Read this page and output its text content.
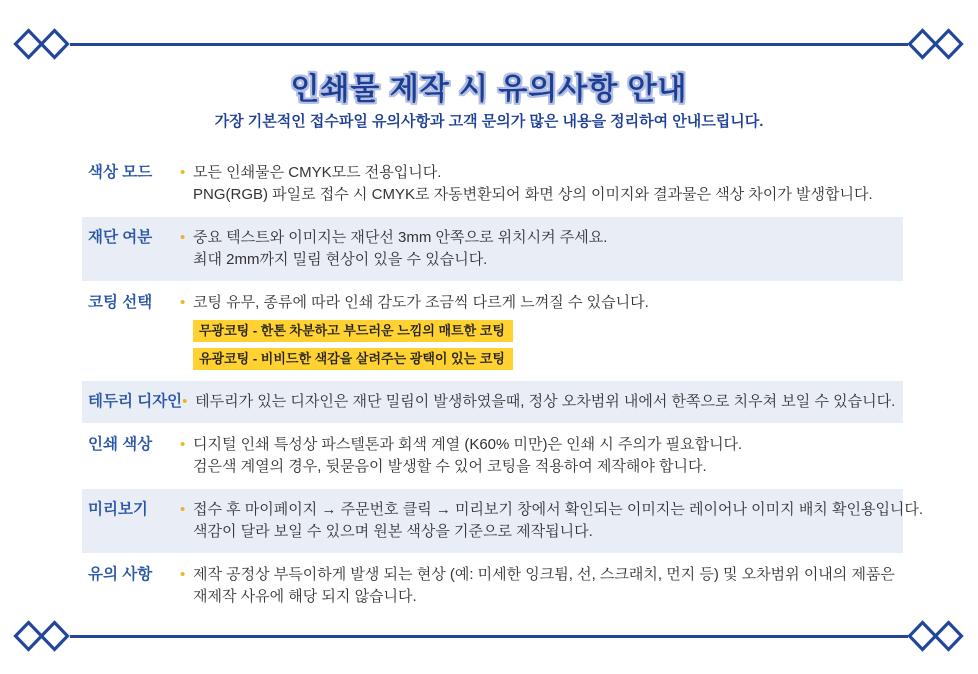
인쇄물 제작 시 유의사항 안내
가장 기본적인 접수파일 유의사항과 고객 문의가 많은 내용을 정리하여 안내드립니다.
색상 모드	• 모든 인쇄물은 CMYK모드 전용입니다.
PNG(RGB) 파일로 접수 시 CMYK로 자동변환되어 화면 상의 이미지와 결과물은 색상 차이가 발생합니다.
재단 여분	• 중요 텍스트와 이미지는 재단선 3mm 안쪽으로 위치시켜 주세요.
최대 2mm까지 밀림 현상이 있을 수 있습니다.
코팅 선택	• 코팅 유무, 종류에 따라 인쇄 감도가 조금씩 다르게 느껴질 수 있습니다.
무광코팅 - 한톤 차분하고 부드러운 느낌의 매트한 코팅
유광코팅 - 비비드한 색감을 살려주는 광택이 있는 코팅
테두리 디자인 • 테두리가 있는 디자인은 재단 밀림이 발생하였을때, 정상 오차범위 내에서 한쪽으로 치우쳐 보일 수 있습니다.
인쇄 색상	• 디지털 인쇄 특성상 파스텔톤과 회색 계열 (K60% 미만)은 인쇄 시 주의가 필요합니다.
검은색 계열의 경우, 뒷묻음이 발생할 수 있어 코팅을 적용하여 제작해야 합니다.
미리보기	• 접수 후 마이페이지 → 주문번호 클릭 → 미리보기 창에서 확인되는 이미지는 레이어나 이미지 배치 확인용입니다.
색감이 달라 보일 수 있으며 원본 색상을 기준으로 제작됩니다.
유의 사항	• 제작 공정상 부득이하게 발생 되는 현상 (예: 미세한 잉크튐, 선, 스크래치, 먼지 등) 및 오차범위 이내의 제품은
재제작 사유에 해당 되지 않습니다.
